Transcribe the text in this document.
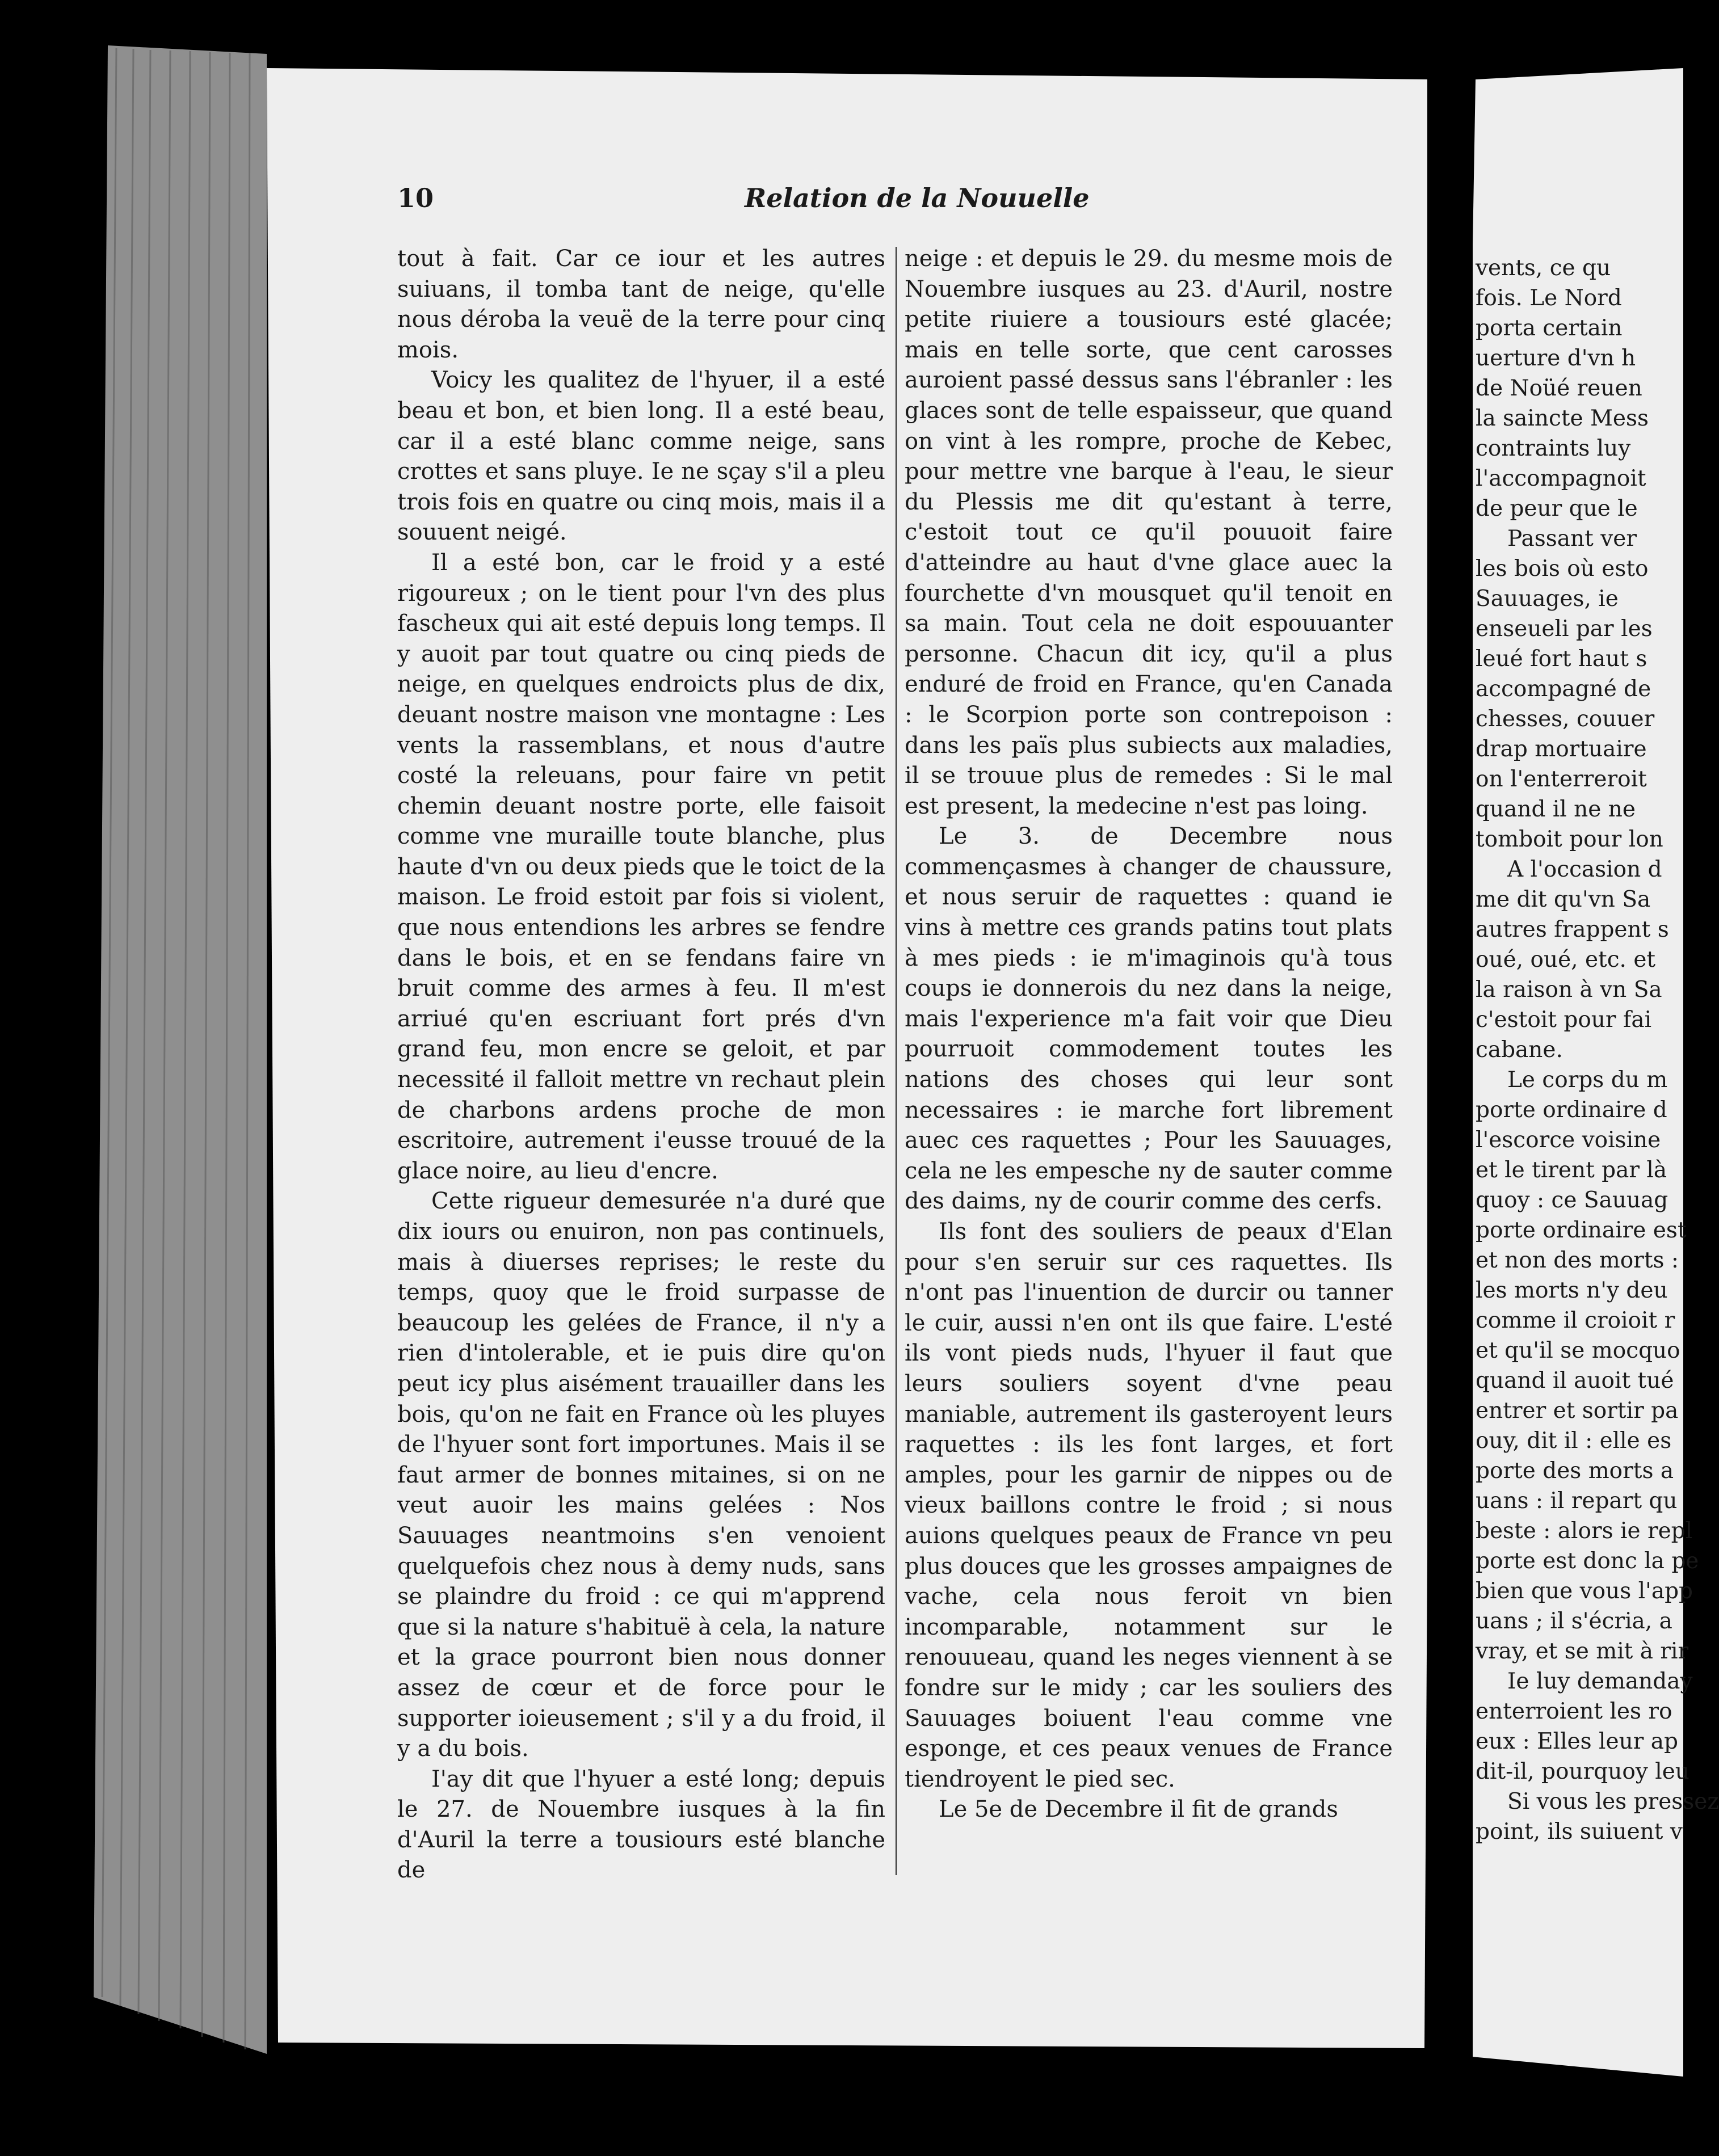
10	Relation de la Nouuelle

tout à fait. Car ce iour et les autres suiuans, il tomba tant de neige, qu'elle nous déroba la veuë de la terre pour cinq mois.

Voicy les qualitez de l'hyuer, il a esté beau et bon, et bien long. Il a esté beau, car il a esté blanc comme neige, sans crottes et sans pluye. Ie ne sçay s'il a pleu trois fois en quatre ou cinq mois, mais il a souuent neigé.

Il a esté bon, car le froid y a esté rigoureux ; on le tient pour l'vn des plus fascheux qui ait esté depuis long temps. Il y auoit par tout quatre ou cinq pieds de neige, en quelques endroicts plus de dix, deuant nostre maison vne montagne : Les vents la rassemblans, et nous d'autre costé la releuans, pour faire vn petit chemin deuant nostre porte, elle faisoit comme vne muraille toute blanche, plus haute d'vn ou deux pieds que le toict de la maison. Le froid estoit par fois si violent, que nous entendions les arbres se fendre dans le bois, et en se fendans faire vn bruit comme des armes à feu. Il m'est arriué qu'en escriuant fort prés d'vn grand feu, mon encre se geloit, et par necessité il falloit mettre vn rechaut plein de charbons ardens proche de mon escritoire, autrement i'eusse trouué de la glace noire, au lieu d'encre.

Cette rigueur demesurée n'a duré que dix iours ou enuiron, non pas continuels, mais à diuerses reprises; le reste du temps, quoy que le froid surpasse de beaucoup les gelées de France, il n'y a rien d'intolerable, et ie puis dire qu'on peut icy plus aisément trauailler dans les bois, qu'on ne fait en France où les pluyes de l'hyuer sont fort importunes. Mais il se faut armer de bonnes mitaines, si on ne veut auoir les mains gelées : Nos Sauuages neantmoins s'en venoient quelquefois chez nous à demy nuds, sans se plaindre du froid : ce qui m'apprend que si la nature s'habituë à cela, la nature et la grace pourront bien nous donner assez de cœur et de force pour le supporter ioieusement ; s'il y a du froid, il y a du bois.

I'ay dit que l'hyuer a esté long; depuis le 27. de Nouembre iusques à la fin d'Auril la terre a tousiours esté blanche de

neige : et depuis le 29. du mesme mois de Nouembre iusques au 23. d'Auril, nostre petite riuiere a tousiours esté glacée; mais en telle sorte, que cent carosses auroient passé dessus sans l'ébranler : les glaces sont de telle espaisseur, que quand on vint à les rompre, proche de Kebec, pour mettre vne barque à l'eau, le sieur du Plessis me dit qu'estant à terre, c'estoit tout ce qu'il pouuoit faire d'atteindre au haut d'vne glace auec la fourchette d'vn mousquet qu'il tenoit en sa main. Tout cela ne doit espouuanter personne. Chacun dit icy, qu'il a plus enduré de froid en France, qu'en Canada : le Scorpion porte son contrepoison : dans les païs plus subiects aux maladies, il se trouue plus de remedes : Si le mal est present, la medecine n'est pas loing.

Le 3. de Decembre nous commençasmes à changer de chaussure, et nous seruir de raquettes : quand ie vins à mettre ces grands patins tout plats à mes pieds : ie m'imaginois qu'à tous coups ie donnerois du nez dans la neige, mais l'experience m'a fait voir que Dieu pourruoit commodement toutes les nations des choses qui leur sont necessaires : ie marche fort librement auec ces raquettes ; Pour les Sauuages, cela ne les empesche ny de sauter comme des daims, ny de courir comme des cerfs.

Ils font des souliers de peaux d'Elan pour s'en seruir sur ces raquettes. Ils n'ont pas l'inuention de durcir ou tanner le cuir, aussi n'en ont ils que faire. L'esté ils vont pieds nuds, l'hyuer il faut que leurs souliers soyent d'vne peau maniable, autrement ils gasteroyent leurs raquettes : ils les font larges, et fort amples, pour les garnir de nippes ou de vieux baillons contre le froid ; si nous auions quelques peaux de France vn peu plus douces que les grosses ampaignes de vache, cela nous feroit vn bien incomparable, notamment sur le renouueau, quand les neges viennent à se fondre sur le midy ; car les souliers des Sauuages boiuent l'eau comme vne esponge, et ces peaux venues de France tiendroyent le pied sec.

Le 5e de Decembre il fit de grands

vents, ce qu
fois. Le Nord
porta certain
uerture d'vn h
de Noüé reuen
la saincte Mess
contraints luy
l'accompagnoit
de peur que le
Passant ver
les bois où esto
Sauuages, ie
enseueli par les
leué fort haut s
accompagné de
chesses, couuer
drap mortuaire
on l'enterreroit
quand il ne ne
tomboit pour lon
A l'occasion d
me dit qu'vn Sa
autres frappent s
oué, oué, etc. et
la raison à vn Sa
c'estoit pour fai
cabane.
Le corps du m
porte ordinaire d
l'escorce voisine
et le tirent par là
quoy : ce Sauuag
porte ordinaire est
et non des morts :
les morts n'y deu
comme il croioit r
et qu'il se mocquo
quand il auoit tué
entrer et sortir pa
ouy, dit il : elle es
porte des morts a
uans : il repart qu
beste : alors ie repl
porte est donc la pe
bien que vous l'app
uans ; il s'écria, a
vray, et se mit à rir
Ie luy demanday
enterroient les ro
eux : Elles leur ap
dit-il, pourquoy leu
Si vous les pressez
point, ils suiuent v
